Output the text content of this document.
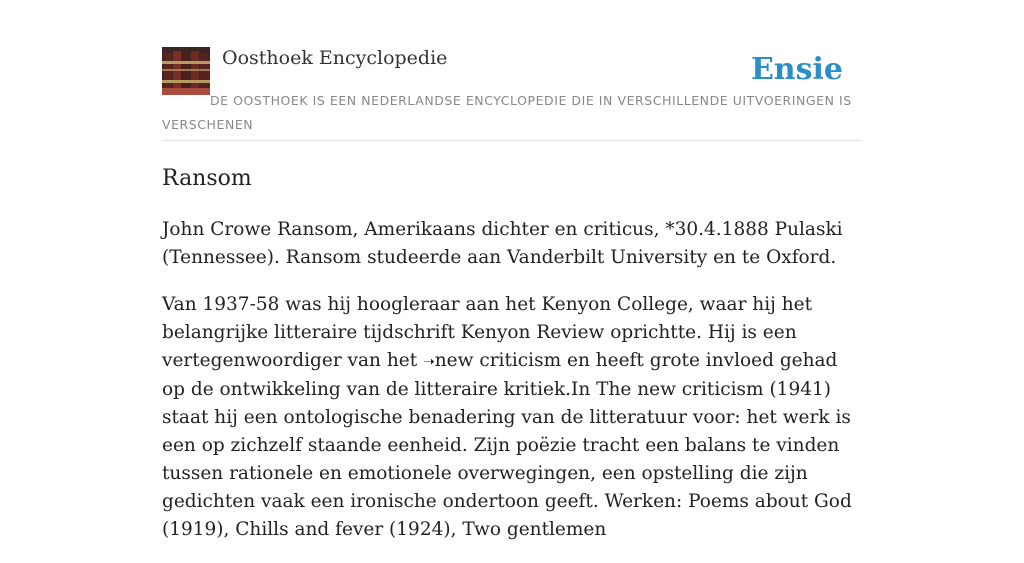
Oosthoek Encyclopedie	Ensie
DE OOSTHOEK IS EEN NEDERLANDSE ENCYCLOPEDIE DIE IN VERSCHILLENDE UITVOERINGEN IS VERSCHENEN
Ransom

John Crowe Ransom, Amerikaans dichter en criticus, *30.4.1888 Pulaski (Tennessee). Ransom studeerde aan Vanderbilt University en te Oxford.

Van 1937-58 was hij hoogleraar aan het Kenyon College, waar hij het belangrijke litteraire tijdschrift Kenyon Review oprichtte. Hij is een vertegenwoordiger van het ➝new criticism en heeft grote invloed gehad op de ontwikkeling van de litteraire kritiek.In The new criticism (1941) staat hij een ontologische benadering van de litteratuur voor: het werk is een op zichzelf staande eenheid. Zijn poëzie tracht een balans te vinden tussen rationele en emotionele overwegingen, een opstelling die zijn gedichten vaak een ironische ondertoon geeft. Werken: Poems about God (1919), Chills and fever (1924), Two gentlemen
